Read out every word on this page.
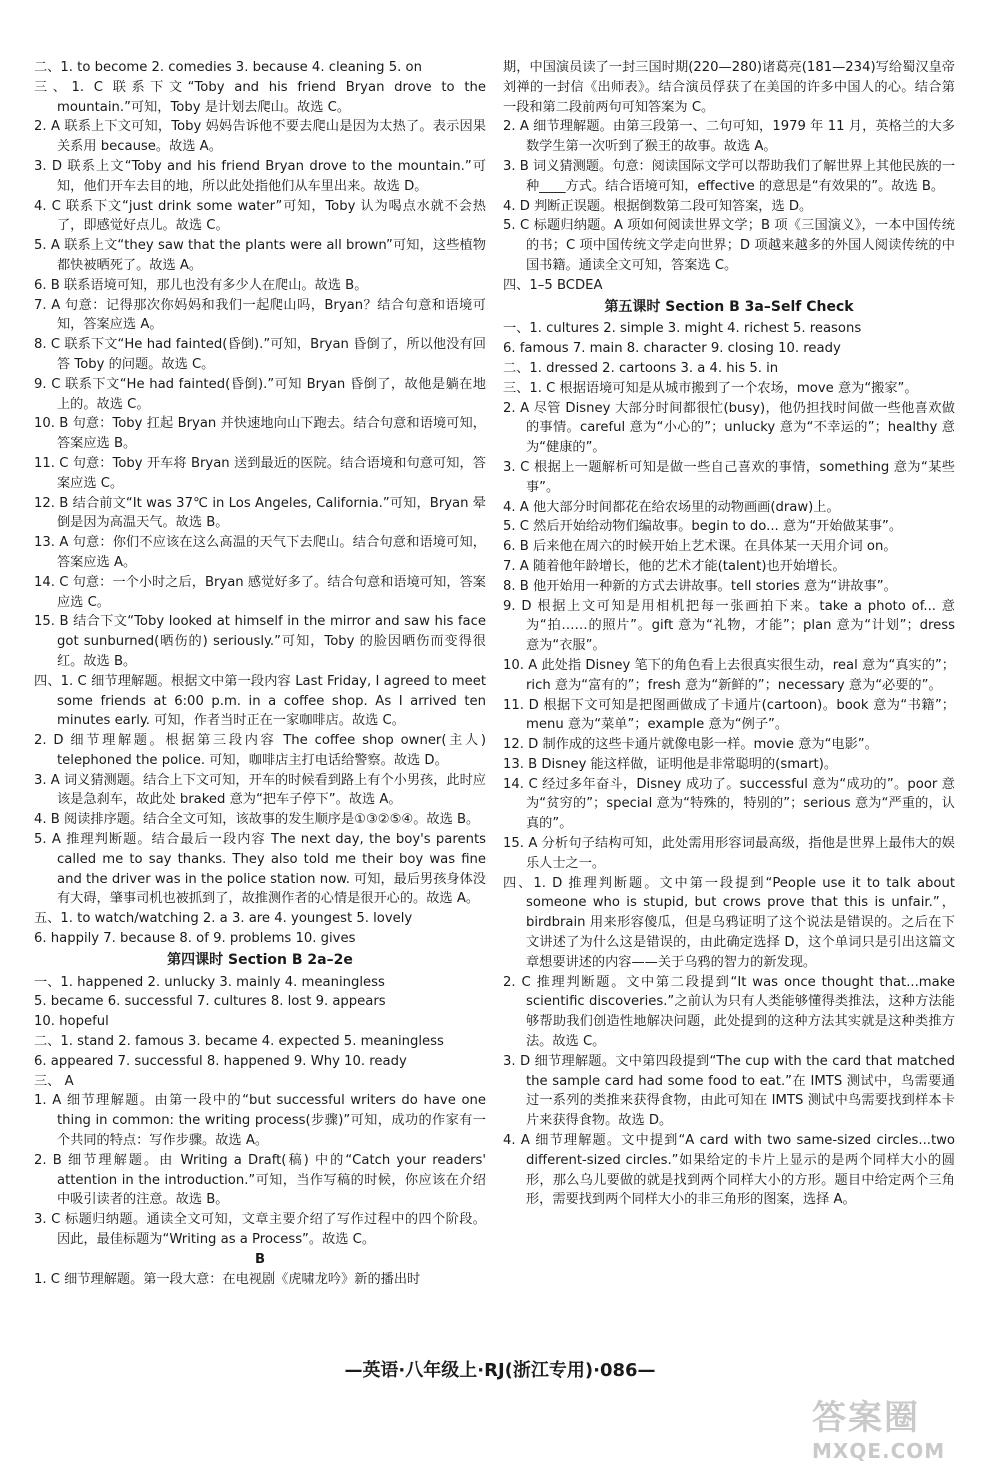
二、1. to become 2. comedies 3. because 4. cleaning 5. on

三、1. C 联系下文“Toby and his friend Bryan drove to the mountain.”可知，Toby 是计划去爬山。故选 C。

2. A 联系上下文可知，Toby 妈妈告诉他不要去爬山是因为太热了。表示因果关系用 because。故选 A。

3. D 联系上文“Toby and his friend Bryan drove to the mountain.”可知，他们开车去目的地，所以此处指他们从车里出来。故选 D。

4. C 联系下文“just drink some water”可知，Toby 认为喝点水就不会热了，即感觉好点儿。故选 C。

5. A 联系上文“they saw that the plants were all brown”可知，这些植物都快被晒死了。故选 A。

6. B 联系语境可知，那儿也没有多少人在爬山。故选 B。

7. A 句意：记得那次你妈妈和我们一起爬山吗，Bryan？结合句意和语境可知，答案应选 A。

8. C 联系下文“He had fainted(昏倒).”可知，Bryan 昏倒了，所以他没有回答 Toby 的问题。故选 C。

9. C 联系下文“He had fainted(昏倒).”可知 Bryan 昏倒了，故他是躺在地上的。故选 C。

10. B 句意：Toby 扛起 Bryan 并快速地向山下跑去。结合句意和语境可知，答案应选 B。

11. C 句意：Toby 开车将 Bryan 送到最近的医院。结合语境和句意可知，答案应选 C。

12. B 结合前文“It was 37℃ in Los Angeles, California.”可知，Bryan 晕倒是因为高温天气。故选 B。

13. A 句意：你们不应该在这么高温的天气下去爬山。结合句意和语境可知，答案应选 A。

14. C 句意：一个小时之后，Bryan 感觉好多了。结合句意和语境可知，答案应选 C。

15. B 结合下文“Toby looked at himself in the mirror and saw his face got sunburned(晒伤的) seriously.”可知，Toby 的脸因晒伤而变得很红。故选 B。

四、1. C 细节理解题。根据文中第一段内容 Last Friday, I agreed to meet some friends at 6:00 p.m. in a coffee shop. As I arrived ten minutes early. 可知，作者当时正在一家咖啡店。故选 C。

2. D 细节理解题。根据第三段内容 The coffee shop owner(主人) telephoned the police. 可知，咖啡店主打电话给警察。故选 D。

3. A 词义猜测题。结合上下文可知，开车的时候看到路上有个小男孩，此时应该是急刹车，故此处 braked 意为“把车子停下”。故选 A。

4. B 阅读排序题。结合全文可知，该故事的发生顺序是①③②⑤④。故选 B。

5. A 推理判断题。结合最后一段内容 The next day, the boy's parents called me to say thanks. They also told me their boy was fine and the driver was in the police station now. 可知，最后男孩身体没有大碍，肇事司机也被抓到了，故推测作者的心情是很开心的。故选 A。

五、1. to watch/watching 2. a 3. are 4. youngest 5. lovely

6. happily 7. because 8. of 9. problems 10. gives

第四课时 Section B 2a–2e

一、1. happened 2. unlucky 3. mainly 4. meaningless

5. became 6. successful 7. cultures 8. lost 9. appears

10. hopeful

二、1. stand 2. famous 3. became 4. expected 5. meaningless

6. appeared 7. successful 8. happened 9. Why 10. ready

三、 A

1. A 细节理解题。由第一段中的“but successful writers do have one thing in common: the writing process(步骤)”可知，成功的作家有一个共同的特点：写作步骤。故选 A。

2. B 细节理解题。由 Writing a Draft(稿) 中的“Catch your readers' attention in the introduction.”可知，当作写稿的时候，你应该在介绍中吸引读者的注意。故选 B。

3. C 标题归纳题。通读全文可知，文章主要介绍了写作过程中的四个阶段。因此，最佳标题为“Writing as a Process”。故选 C。

B

1. C 细节理解题。第一段大意：在电视剧《虎啸龙吟》新的播出时

期，中国演员读了一封三国时期(220—280)诸葛亮(181—234)写给蜀汉皇帝刘禅的一封信《出师表》。结合演员俘获了在美国的许多中国人的心。结合第一段和第二段前两句可知答案为 C。

2. A 细节理解题。由第三段第一、二句可知，1979 年 11 月，英格兰的大多数学生第一次听到了猴王的故事。故选 A。

3. B 词义猜测题。句意：阅读国际文学可以帮助我们了解世界上其他民族的一种____方式。结合语境可知，effective 的意思是“有效果的”。故选 B。

4. D 判断正误题。根据倒数第二段可知答案，选 D。

5. C 标题归纳题。A 项如何阅读世界文学；B 项《三国演义》，一本中国传统的书；C 项中国传统文学走向世界；D 项越来越多的外国人阅读传统的中国书籍。通读全文可知，答案选 C。

四、1–5 BCDEA

第五课时 Section B 3a–Self Check

一、1. cultures 2. simple 3. might 4. richest 5. reasons

6. famous 7. main 8. character 9. closing 10. ready

二、1. dressed 2. cartoons 3. a 4. his 5. in

三、1. C 根据语境可知是从城市搬到了一个农场，move 意为“搬家”。

2. A 尽管 Disney 大部分时间都很忙(busy)，他仍担找时间做一些他喜欢做的事情。careful 意为“小心的”；unlucky 意为“不幸运的”；healthy 意为“健康的”。

3. C 根据上一题解析可知是做一些自己喜欢的事情，something 意为“某些事”。

4. A 他大部分时间都花在给农场里的动物画画(draw)上。

5. C 然后开始给动物们编故事。begin to do... 意为“开始做某事”。

6. B 后来他在周六的时候开始上艺术课。在具体某一天用介词 on。

7. A 随着他年龄增长，他的艺术才能(talent)也开始增长。

8. B 他开始用一种新的方式去讲故事。tell stories 意为“讲故事”。

9. D 根据上文可知是用相机把每一张画拍下来。take a photo of... 意为“拍……的照片”。gift 意为“礼物，才能”；plan 意为“计划”；dress 意为“衣服”。

10. A 此处指 Disney 笔下的角色看上去很真实很生动，real 意为“真实的”；rich 意为“富有的”；fresh 意为“新鲜的”；necessary 意为“必要的”。

11. D 根据下文可知是把图画做成了卡通片(cartoon)。book 意为“书籍”；menu 意为“菜单”；example 意为“例子”。

12. D 制作成的这些卡通片就像电影一样。movie 意为“电影”。

13. B Disney 能这样做，证明他是非常聪明的(smart)。

14. C 经过多年奋斗，Disney 成功了。successful 意为“成功的”。poor 意为“贫穷的”；special 意为“特殊的，特别的”；serious 意为“严重的，认真的”。

15. A 分析句子结构可知，此处需用形容词最高级，指他是世界上最伟大的娱乐人士之一。

四、1. D 推理判断题。文中第一段提到“People use it to talk about someone who is stupid, but crows prove that this is unfair.”，birdbrain 用来形容傻瓜，但是乌鸦证明了这个说法是错误的。之后在下文讲述了为什么这是错误的，由此确定选择 D，这个单词只是引出这篇文章想要讲述的内容——关于乌鸦的智力的新发现。

2. C 推理判断题。文中第二段提到“It was once thought that...make scientific discoveries.”之前认为只有人类能够懂得类推法，这种方法能够帮助我们创造性地解决问题，此处提到的这种方法其实就是这种类推方法。故选 C。

3. D 细节理解题。文中第四段提到“The cup with the card that matched the sample card had some food to eat.”在 IMTS 测试中，鸟需要通过一系列的类推来获得食物，由此可知在 IMTS 测试中鸟需要找到样本卡片来获得食物。故选 D。

4. A 细节理解题。文中提到“A card with two same-sized circles...two different-sized circles.”如果给定的卡片上显示的是两个同样大小的圆形，那么乌儿要做的就是找到两个同样大小的方形。题目中给定两个三角形，需要找到两个同样大小的非三角形的图案，选择 A。

—英语·八年级上·RJ(浙江专用)·086—
答案圈
MXQE.COM
